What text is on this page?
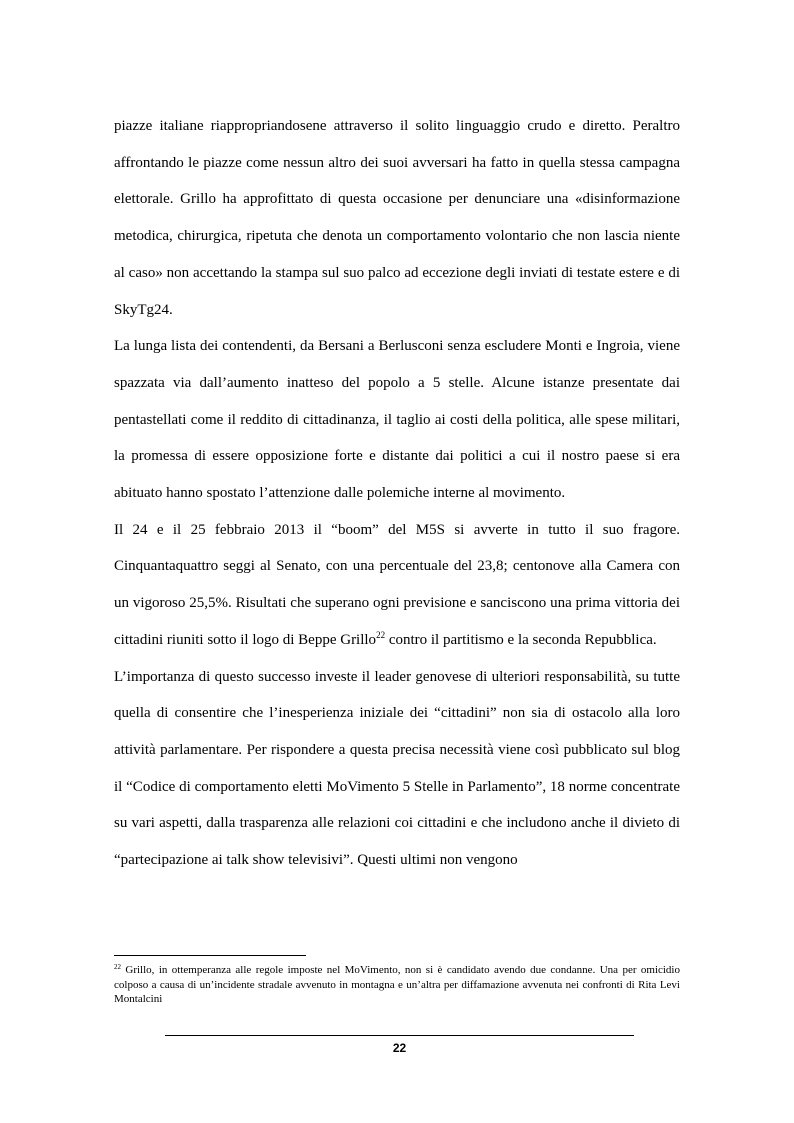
piazze italiane riappropriandosene attraverso il solito linguaggio crudo e diretto. Peraltro affrontando le piazze come nessun altro dei suoi avversari ha fatto in quella stessa campagna elettorale. Grillo ha approfittato di questa occasione per denunciare una «disinformazione metodica, chirurgica, ripetuta che denota un comportamento volontario che non lascia niente al caso» non accettando la stampa sul suo palco ad eccezione degli inviati di testate estere e di SkyTg24.

La lunga lista dei contendenti, da Bersani a Berlusconi senza escludere Monti e Ingroia, viene spazzata via dall’aumento inatteso del popolo a 5 stelle. Alcune istanze presentate dai pentastellati come il reddito di cittadinanza, il taglio ai costi della politica, alle spese militari, la promessa di essere opposizione forte e distante dai politici a cui il nostro paese si era abituato hanno spostato l’attenzione dalle polemiche interne al movimento.

Il 24 e il 25 febbraio 2013 il “boom” del M5S si avverte in tutto il suo fragore. Cinquantaquattro seggi al Senato, con una percentuale del 23,8; centonove alla Camera con un vigoroso 25,5%. Risultati che superano ogni previsione e sanciscono una prima vittoria dei cittadini riuniti sotto il logo di Beppe Grillo$^{22}$ contro il partitismo e la seconda Repubblica.

L’importanza di questo successo investe il leader genovese di ulteriori responsabilità, su tutte quella di consentire che l’inesperienza iniziale dei “cittadini” non sia di ostacolo alla loro attività parlamentare. Per rispondere a questa precisa necessità viene così pubblicato sul blog il “Codice di comportamento eletti MoVimento 5 Stelle in Parlamento”, 18 norme concentrate su vari aspetti, dalla trasparenza alle relazioni coi cittadini e che includono anche il divieto di “partecipazione ai talk show televisivi”. Questi ultimi non vengono

$^{22}$ Grillo, in ottemperanza alle regole imposte nel MoVimento, non si è candidato avendo due condanne. Una per omicidio colposo a causa di un’incidente stradale avvenuto in montagna e un’altra per diffamazione avvenuta nei confronti di Rita Levi Montalcini
22
